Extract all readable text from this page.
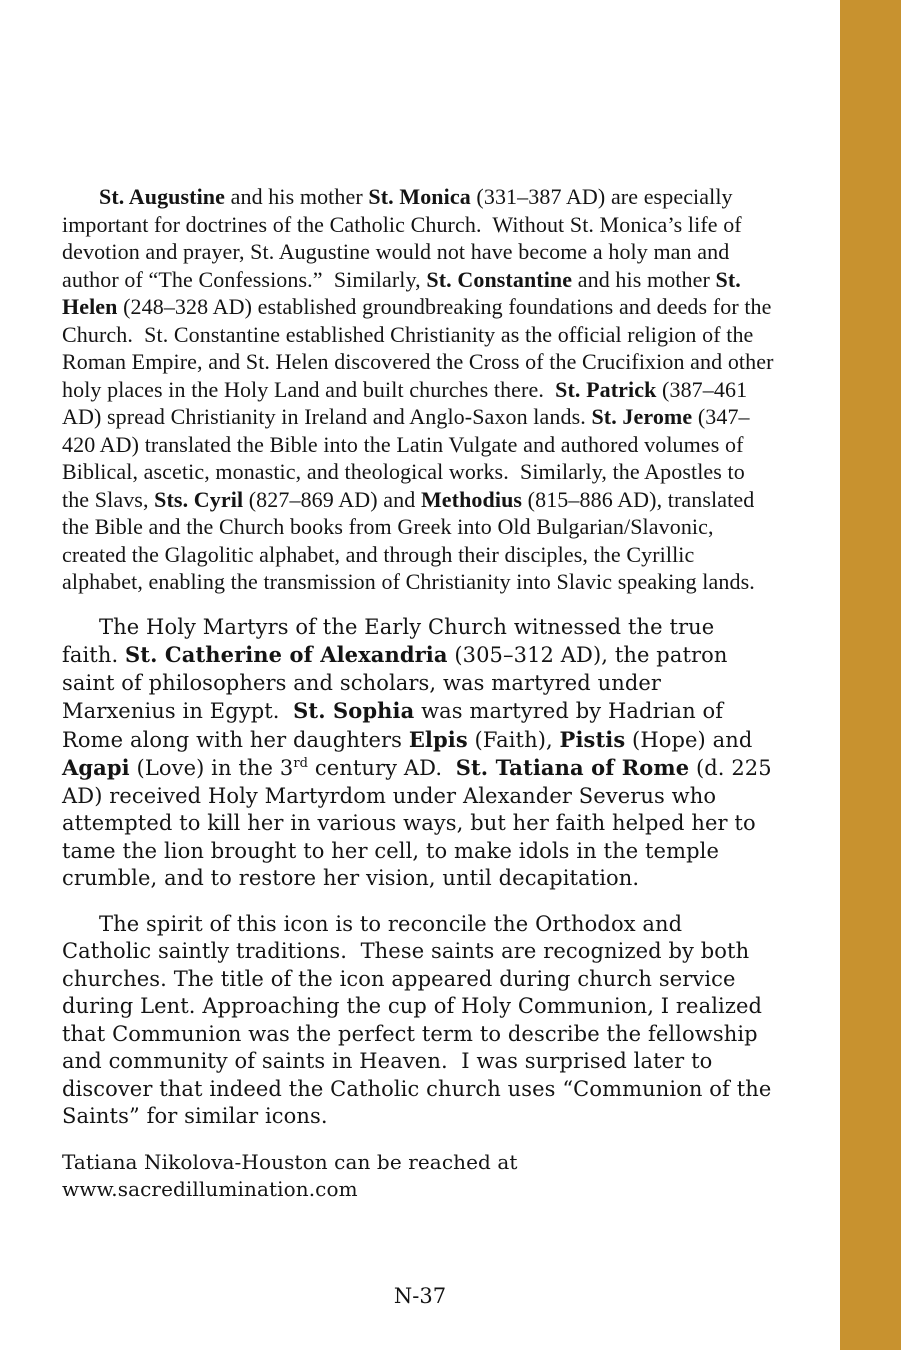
St. Augustine and his mother St. Monica (331–387 AD) are especially important for doctrines of the Catholic Church.  Without St. Monica’s life of devotion and prayer, St. Augustine would not have become a holy man and author of “The Confessions.”  Similarly, St. Constantine and his mother St. Helen (248–328 AD) established groundbreaking foundations and deeds for the Church.  St. Constantine established Christianity as the official religion of the Roman Empire, and St. Helen discovered the Cross of the Crucifixion and other holy places in the Holy Land and built churches there.  St. Patrick (387–461 AD) spread Christianity in Ireland and Anglo-Saxon lands. St. Jerome (347–420 AD) translated the Bible into the Latin Vulgate and authored volumes of Biblical, ascetic, monastic, and theological works.  Similarly, the Apostles to the Slavs, Sts. Cyril (827–869 AD) and Methodius (815–886 AD), translated the Bible and the Church books from Greek into Old Bulgarian/Slavonic, created the Glagolitic alphabet, and through their disciples, the Cyrillic alphabet, enabling the transmission of Christianity into Slavic speaking lands.

The Holy Martyrs of the Early Church witnessed the true faith. St. Catherine of Alexandria (305–312 AD), the patron saint of philosophers and scholars, was martyred under Marxenius in Egypt.  St. Sophia was martyred by Hadrian of Rome along with her daughters Elpis (Faith), Pistis (Hope) and Agapi (Love) in the 3rd century AD.  St. Tatiana of Rome (d. 225 AD) received Holy Martyrdom under Alexander Severus who attempted to kill her in various ways, but her faith helped her to tame the lion brought to her cell, to make idols in the temple crumble, and to restore her vision, until decapitation.

The spirit of this icon is to reconcile the Orthodox and Catholic saintly traditions.  These saints are recognized by both churches. The title of the icon appeared during church service during Lent. Approaching the cup of Holy Communion, I realized that Communion was the perfect term to describe the fellowship and community of saints in Heaven.  I was surprised later to discover that indeed the Catholic church uses “Communion of the Saints” for similar icons.

Tatiana Nikolova-Houston can be reached at www.sacredillumination.com

N-37
